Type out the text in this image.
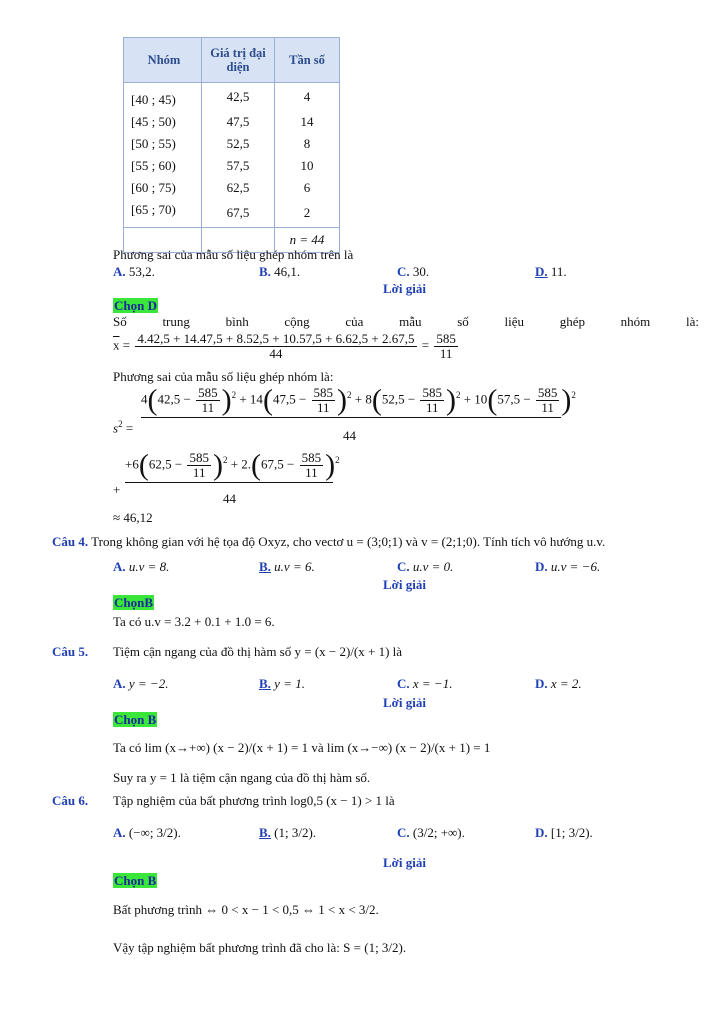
Nhóm	Giá trị đại diện	Tần số
[40 ; 45)	42,5	4
[45 ; 50)	47,5	14
[50 ; 55)	52,5	8
[55 ; 60)	57,5	10
[60 ; 75)	62,5	6
[65 ; 70)	67,5	2
		n = 44
Phương sai của mẫu số liệu ghép nhóm trên là
A. 53,2.	B. 46,1.	C. 30.	D. 11.
Lời giải
Chọn D
Số trung bình cộng của mẫu số liệu ghép nhóm là:
$\overline{x} = \frac{4.42,5 + 14.47,5 + 8.52,5 + 10.57,5 + 6.62,5 + 2.67,5}{44} = \frac{585}{11}$
Phương sai của mẫu số liệu ghép nhóm là:
$s^2$ =
$4(42,5 - \frac{585}{11} )^2 + 14(47,5 - \frac{585}{11} )^2 + 8(52,5 - \frac{585}{11} )^2 + 10(57,5 - \frac{585}{11} )^2$
44
+
$+6(62,5 - \frac{585}{11} )^2 + 2.(67,5 - \frac{585}{11} )^2$
44
≈ 46,12
Câu 4. Trong không gian với hệ tọa độ Oxyz, cho vectơ u = (3;0;1) và v = (2;1;0). Tính tích vô hướng u.v.
A. u.v = 8.	B. u.v = 6.	C. u.v = 0.	D. u.v = −6.
Lời giải
ChọnB
Ta có u.v = 3.2 + 0.1 + 1.0 = 6.
Câu 5. Tiệm cận ngang của đồ thị hàm số y = (x − 2)/(x + 1) là
A. y = −2.	B. y = 1.	C. x = −1.	D. x = 2.
Lời giải
Chọn B
Ta có lim (x→+∞) (x − 2)/(x + 1) = 1 và lim (x→−∞) (x − 2)/(x + 1) = 1
Suy ra y = 1 là tiệm cận ngang của đồ thị hàm số.
Câu 6. Tập nghiệm của bất phương trình log0,5 (x − 1) > 1 là
A. (−∞; 3/2).	B. (1; 3/2).	C. (3/2; +∞).	D. [1; 3/2).
Lời giải
Chọn B
Bất phương trình ⇔ 0 < x − 1 < 0,5 ⇔ 1 < x < 3/2.
Vậy tập nghiệm bất phương trình đã cho là: S = (1; 3/2).
